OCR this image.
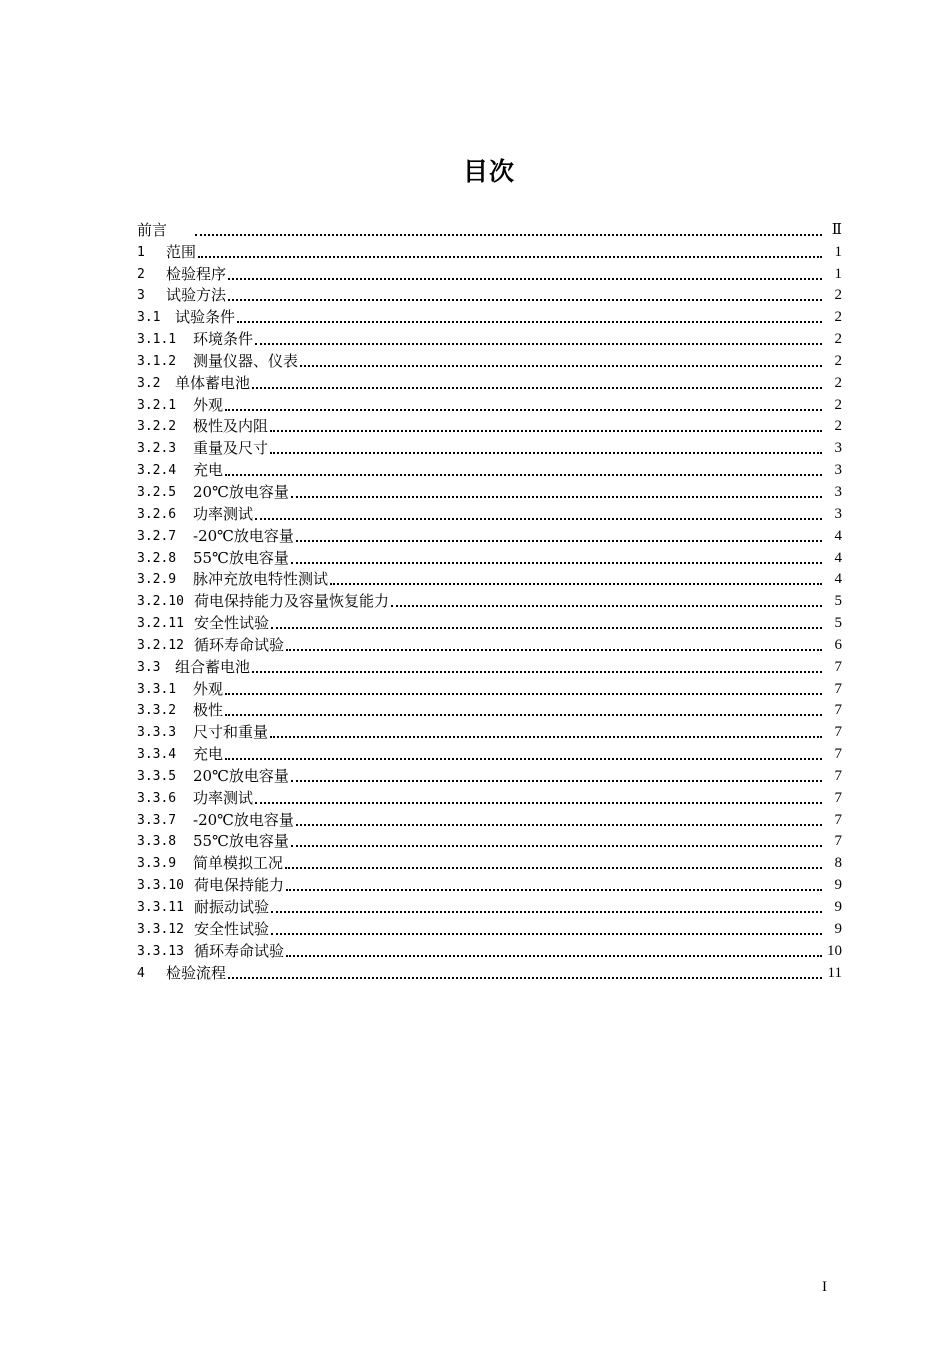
目次
前言	Ⅱ
1	范围	1
2	检验程序	1
3	试验方法	2
3.1 试验条件	2
3.1.1	环境条件	2
3.1.2	测量仪器、仪表	2
3.2 单体蓄电池	2
3.2.1	外观	2
3.2.2	极性及内阻	2
3.2.3	重量及尺寸	3
3.2.4	充电	3
3.2.5	20℃放电容量	3
3.2.6	功率测试	3
3.2.7	-20℃放电容量	4
3.2.8	55℃放电容量	4
3.2.9	脉冲充放电特性测试	4
3.2.10 荷电保持能力及容量恢复能力	5
3.2.11 安全性试验	5
3.2.12 循环寿命试验	6
3.3 组合蓄电池	7
3.3.1	外观	7
3.3.2	极性	7
3.3.3	尺寸和重量	7
3.3.4	充电	7
3.3.5	20℃放电容量	7
3.3.6	功率测试	7
3.3.7	-20℃放电容量	7
3.3.8	55℃放电容量	7
3.3.9	简单模拟工况	8
3.3.10 荷电保持能力	9
3.3.11 耐振动试验	9
3.3.12 安全性试验	9
3.3.13 循环寿命试验	10
4	检验流程	11
I
